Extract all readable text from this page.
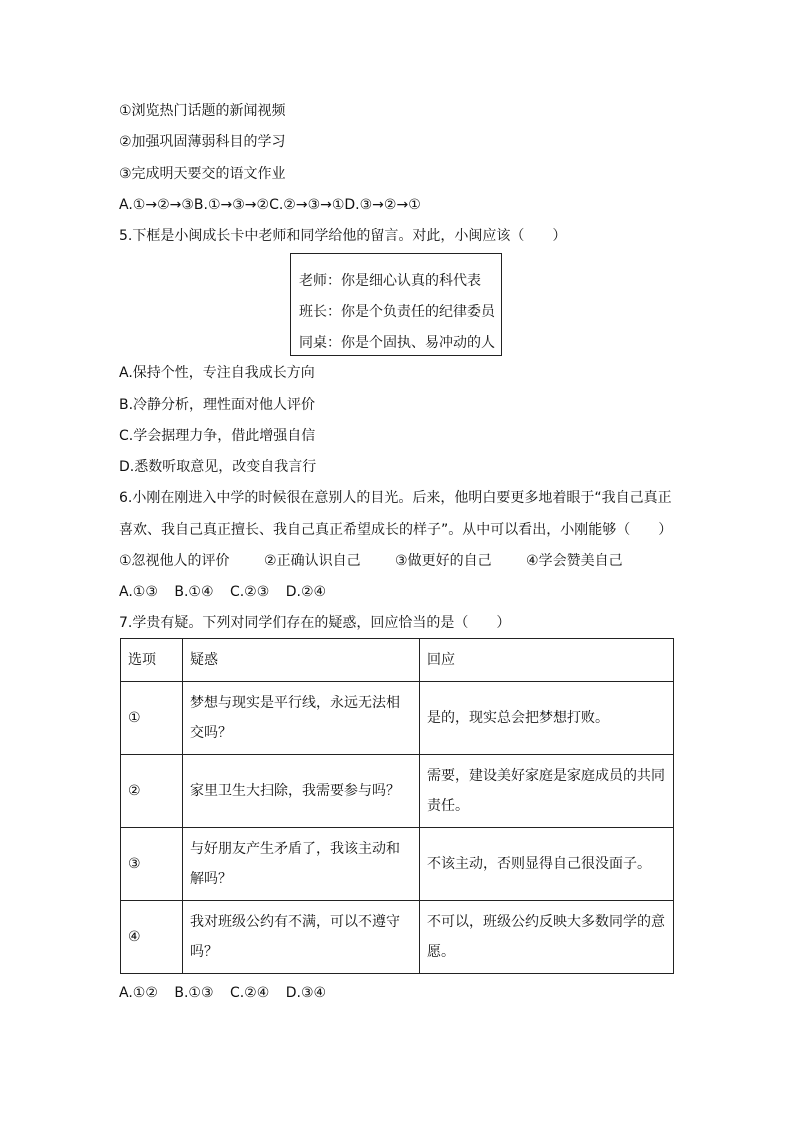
①浏览热门话题的新闻视频
②加强巩固薄弱科目的学习
③完成明天要交的语文作业
A.①→②→③B.①→③→②C.②→③→①D.③→②→①
5.下框是小闽成长卡中老师和同学给他的留言。对此，小闽应该（　　）
老师：你是细心认真的科代表
班长：你是个负责任的纪律委员
同桌：你是个固执、易冲动的人
A.保持个性，专注自我成长方向
B.冷静分析，理性面对他人评价
C.学会据理力争，借此增强自信
D.悉数听取意见，改变自我言行
6.小刚在刚进入中学的时候很在意别人的目光。后来，他明白要更多地着眼于“我自己真正
喜欢、我自己真正擅长、我自己真正希望成长的样子”。从中可以看出，小刚能够（　　）
①忽视他人的评价 ②正确认识自己 ③做更好的自己 ④学会赞美自己
A.①③ B.①④ C.②③ D.②④
7.学贵有疑。下列对同学们存在的疑惑，回应恰当的是（　　）
选项	疑惑	回应
①	梦想与现实是平行线，永远无法相交吗？	是的，现实总会把梦想打败。
②	家里卫生大扫除，我需要参与吗？	需要，建设美好家庭是家庭成员的共同责任。
③	与好朋友产生矛盾了，我该主动和解吗？	不该主动，否则显得自己很没面子。
④	我对班级公约有不满，可以不遵守吗？	不可以，班级公约反映大多数同学的意愿。
A.①② B.①③ C.②④ D.③④
